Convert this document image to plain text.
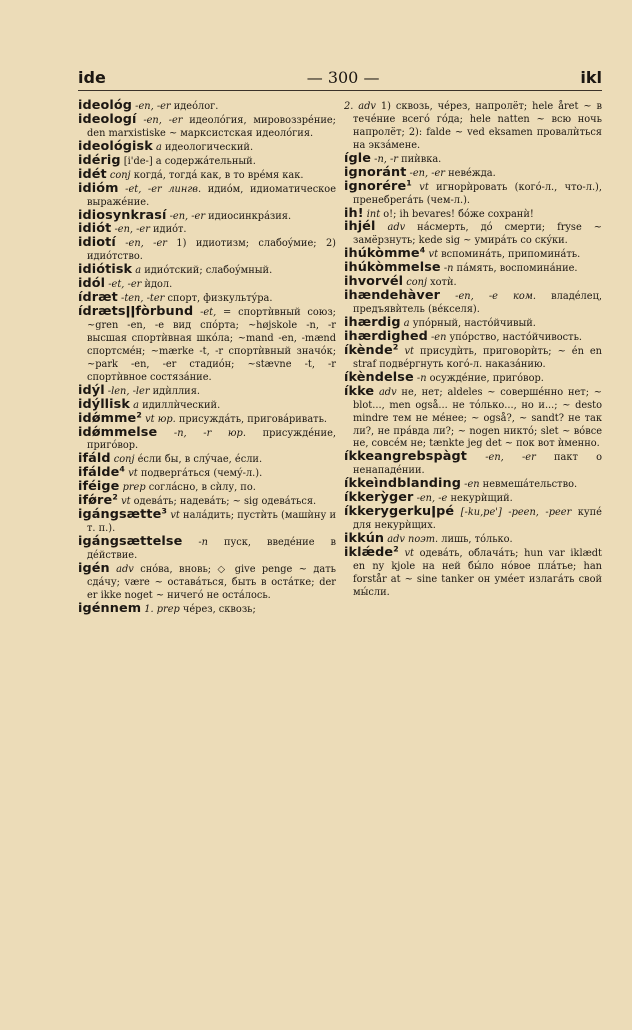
ide	— 300 —	ikl

ideológ -en, -er идеóлог.

ideologí -en, -er идеолóгия, мировоззрéние; den marxistiske ~ марксистская идеолóгия.

ideológisk a идеологический.

idérig [i'de-] a содержáтельный.

idét conj когдá, тогдá как, в то врéмя как.

idióm -et, -er лингв. идиóм, идиоматическое выражéние.

idiosynkrasí -en, -er идиосинкрáзия.

idiót -en, -er идиóт.

idiotí -en, -er 1) идиотизм; слабоýмие; 2) идиóтство.

idiótisk a идиóтский; слабоýмный.

idól -et, -er ѝдол.

ídræt -ten, -ter спорт, физкультýра.

ídrætsǀǀfòrbund -et, = спортѝвный союз; ~gren -en, -e вид спóрта; ~højskole -n, -r высшая спортѝвная шкóла; ~mand -en, -mænd спортсмéн; ~mærke -t, -r спортѝвный значóк; ~park -en, -er стадиóн; ~stævne -t, -r спортѝвное состязáние.

idýl -len, -ler идѝллия.

idýllisk a идиллѝческий.

idǿmme² vt юр. присуждáть, приговáривать.

idǿmmelse -n, -r юр. присуждéние, пригóвор.

ifáld conj éсли бы, в слýчае, éсли.

ifálde⁴ vt подвергáться (чемý-л.).

iféige prep соглáсно, в сѝлу, по.

ifǿre² vt одевáть; надевáть; ~ sig одевáться.

igángsætte³ vt налáдить; пустѝть (машѝну и т. п.).

igángsættelse -n пуск, введéние в дéйствие.

igén adv снóва, вновь; ◇ give penge ~ дать сдáчу; være ~ оставáться, быть в остáтке; der er ikke noget ~ ничегó не остáлось.

igénnem 1. prep чéрез, сквозь;

2. adv 1) сквозь, чéрез, напролёт; hele året ~ в течéние всегó гóда; hele natten ~ всю ночь напролёт; 2): falde ~ ved eksamen провалѝться на экзáмене.

ígle -n, -r пиѝвка.

ignoránt -en, -er невéжда.

ignorére¹ vt игнорѝровать (когó-л., что-л.), пренебрегáть (чем-л.).

ih! int o!; ih bevares! бóже сохранѝ!

ihjél adv нáсмерть, дó смерти; fryse ~ замёрзнуть; kede sig ~ умирáть со скýки.

ihúkòmme⁴ vt вспоминáть, припоминáть.

ihúkòmmelse -n пáмять, воспоминáние.

ihvorvél conj хотѝ.

ihændehàver -en, -e ком. владéлец, предъявѝтель (вéкселя).

ihærdig a упóрный, настóйчивый.

ihærdighed -en упóрство, настóйчивость.

íkènde² vt присудѝть, приговорѝть; ~ én en straf подвéргнуть когó-л. наказáнию.

íkèndelse -n осуждéние, пригóвор.

íkke adv не, нет; aldeles ~ совершéнно нет; ~ blot..., men også... не тóлько..., но и...; ~ desto mindre тем не мéнее; ~ også?, ~ sandt? не так ли?, не прáвда ли?; ~ nogen никтó; slet ~ вóвсе не, совсéм не; tænkte jeg det ~ пок вот ѝменно.

íkkeangrebspàgt -en, -er пакт о ненападéнии.

íkkeìndblanding -en невмешáтельство.

íkkerỳger -en, -e некурѝщий.

íkkerygerkuǀpé [-ku,pe'] -peen, -peer купé для некурѝщих.

ikkún adv поэт. лишь, тóлько.

iklǽde² vt одевáть, облачáть; hun var iklædt en ny kjole на ней бы́ло нóвое плáтье; han forstår at ~ sine tanker он умéет излагáть свой мы́сли.
